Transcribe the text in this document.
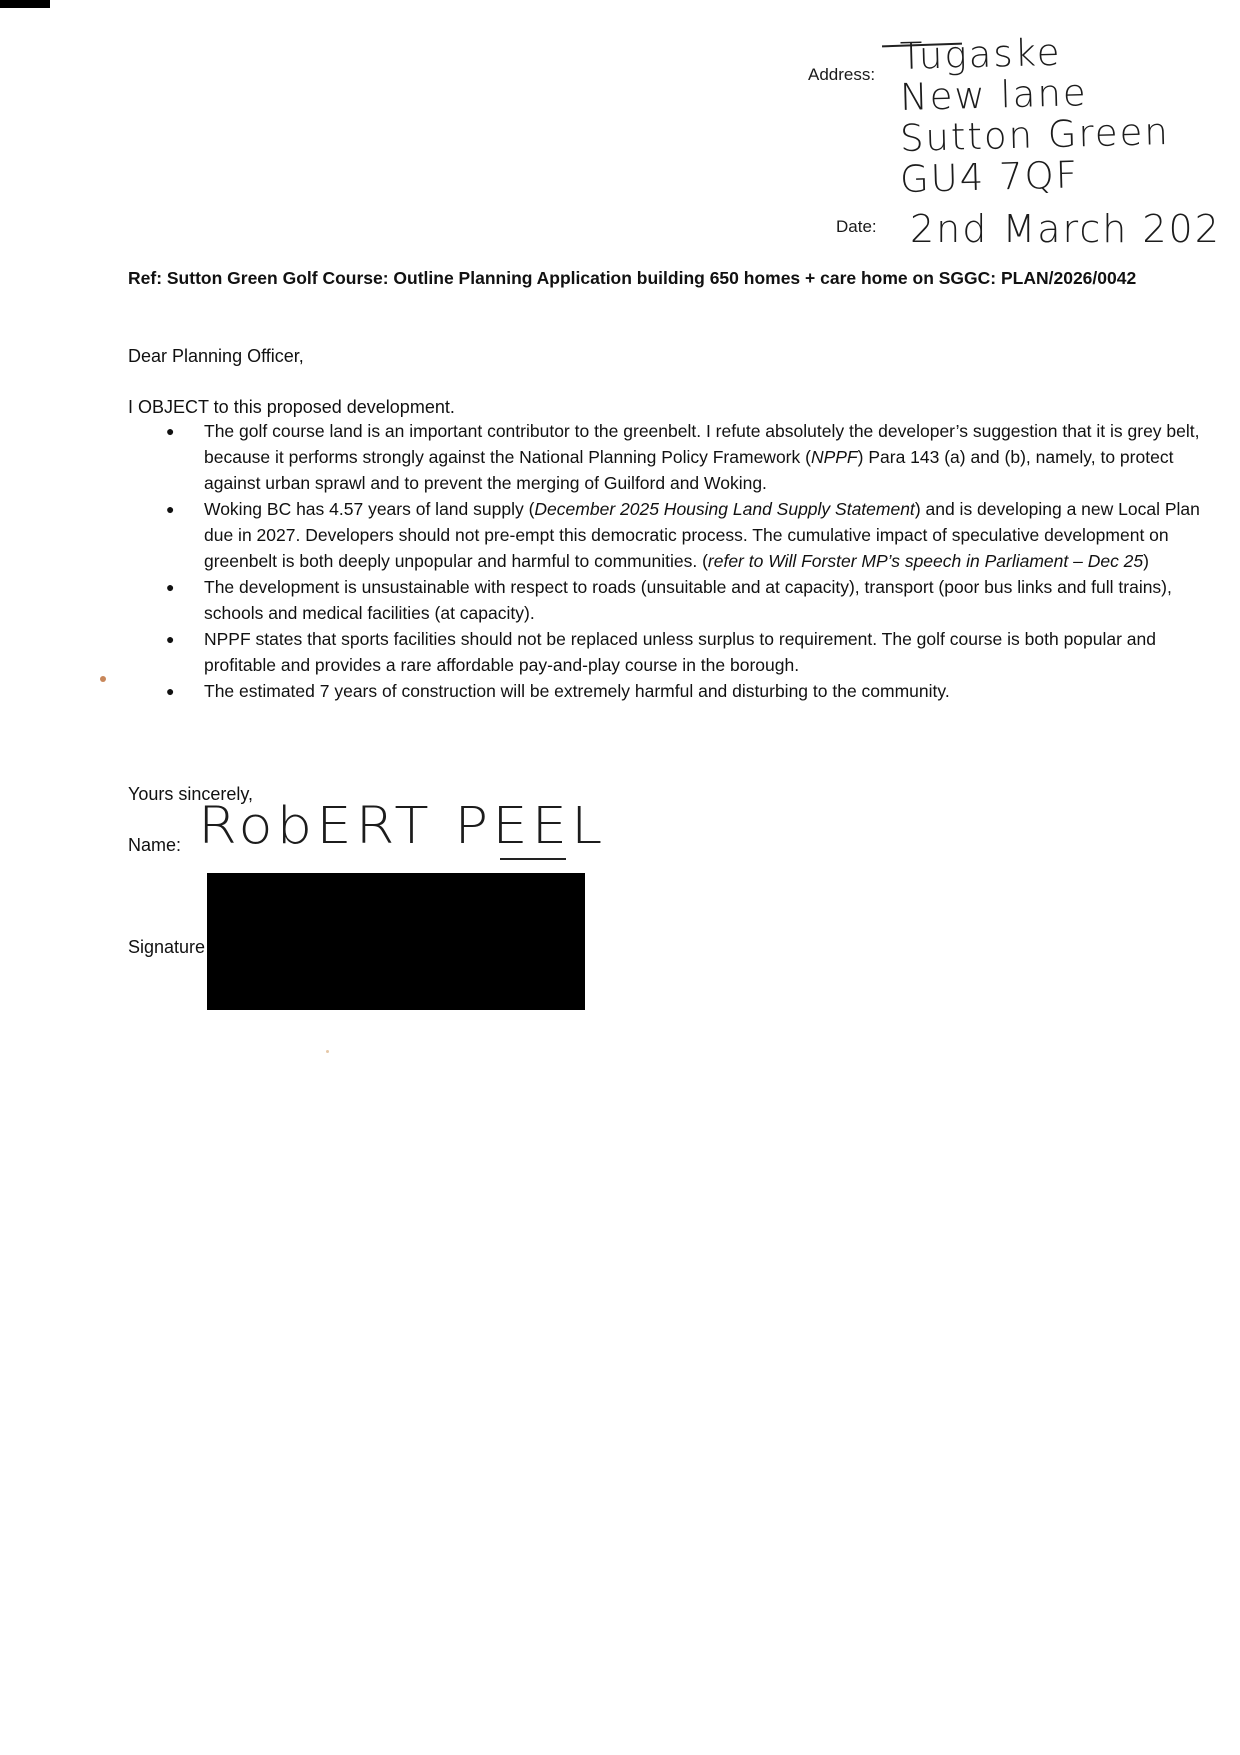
Address: Tugaske
New lane
Sutton Green
GU4 7QF
Date: 2nd March 202
Ref: Sutton Green Golf Course: Outline Planning Application building 650 homes + care home on SGGC: PLAN/2026/0042
Dear Planning Officer,
I OBJECT to this proposed development.
● The golf course land is an important contributor to the greenbelt. I refute absolutely the developer’s suggestion that it is grey belt, because it performs strongly against the National Planning Policy Framework (NPPF) Para 143 (a) and (b), namely, to protect against urban sprawl and to prevent the merging of Guilford and Woking.
● Woking BC has 4.57 years of land supply (December 2025 Housing Land Supply Statement) and is developing a new Local Plan due in 2027. Developers should not pre-empt this democratic process. The cumulative impact of speculative development on greenbelt is both deeply unpopular and harmful to communities. (refer to Will Forster MP’s speech in Parliament – Dec 25)
● The development is unsustainable with respect to roads (unsuitable and at capacity), transport (poor bus links and full trains), schools and medical facilities (at capacity).
● NPPF states that sports facilities should not be replaced unless surplus to requirement. The golf course is both popular and profitable and provides a rare affordable pay-and-play course in the borough.
● The estimated 7 years of construction will be extremely harmful and disturbing to the community.
Yours sincerely,
Name: RobERT PEEL
Signature
